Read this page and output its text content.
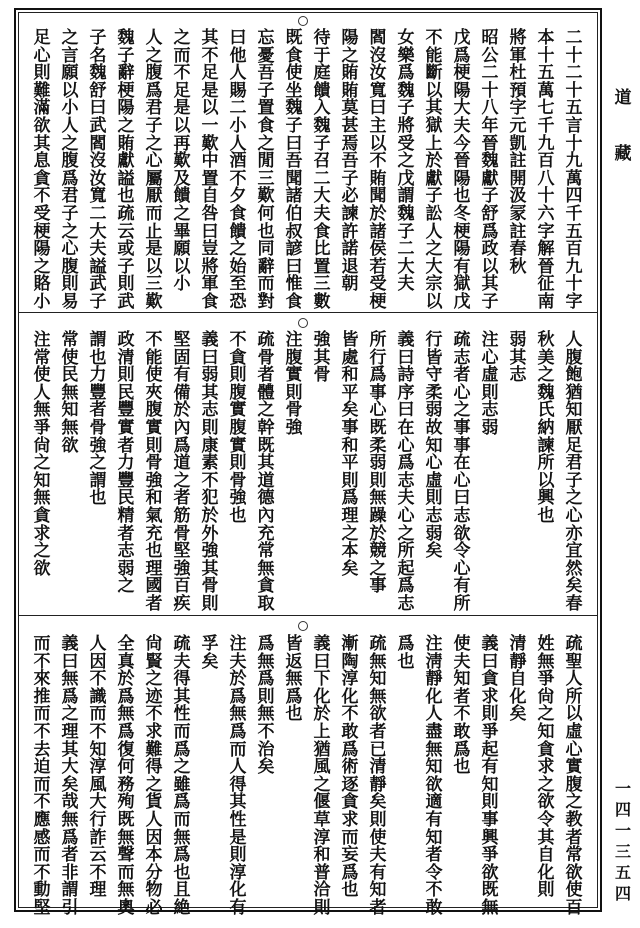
二
十
二
十
五
言
十
九
萬
四
千
五
百
九
十
字
本
十
五
萬
七
千
九
百
八
十
六
字
解
晉
征
南
將
軍
杜
預
字
元
凱
註
開
汲
冡
註
春
秋
昭
公
二
十
八
年
晉
魏
獻
子
舒
爲
政
以
其
子
戊
爲
梗
陽
大
夫
今
晉
陽
也
冬
梗
陽
有
獄
戊
不
能
斷
以
其
獄
上
於
獻
子
訟
人
之
大
宗
以
女
樂
爲
魏
子
將
受
之
戊
謂
魏
子
二
大
夫
閻
沒
汝
寬
曰
主
以
不
賄
聞
於
諸
侯
若
受
梗
陽
之
賄
賄
莫
甚
焉
吾
子
必
諫
許
諾
退
朝
待
于
庭
饋
入
魏
子
召
二
大
夫
食
比
置
三
數
既
食
使
坐
魏
子
曰
吾
聞
諸
伯
叔
諺
曰
惟
食
忘
憂
吾
子
置
食
之
閒
三
歎
何
也
同
辭
而
對
曰
他
人
賜
二
小
人
酒
不
夕
食
饋
之
始
至
恐
其
不
足
是
以
一
歎
中
置
自
咎
曰
豈
將
軍
食
之
而
不
足
是
以
再
歎
及
饋
之
畢
願
以
小
人
之
腹
爲
君
子
之
心
屬
厭
而
止
是
以
三
歎
魏
子
辭
梗
陽
之
賄
獻
謚
也
疏
云
或
子
則
武
子
名
魏
舒
曰
武
閻
沒
汝
寬
二
大
夫
謚
武
子
之
言
願
以
小
人
之
腹
爲
君
子
之
心
腹
則
易
足
心
則
難
滿
欲
其
息
貪
不
受
梗
陽
之
賂
小
人
腹
飽
猶
知
厭
足
君
子
之
心
亦
宜
然
矣
春
秋
美
之
魏
氏
納
諫
所
以
興
也
弱
其
志
注
心
虛
則
志
弱
疏
志
者
心
之
事
事
在
心
曰
志
欲
令
心
有
所
行
皆
守
柔
弱
故
知
心
虛
則
志
弱
矣
義
曰
詩
序
曰
在
心
爲
志
夫
心
之
所
起
爲
志
所
行
爲
事
心
既
柔
弱
則
無
躁
於
競
之
事
皆
處
和
平
矣
事
和
平
則
爲
理
之
本
矣
強
其
骨
注
腹
實
則
骨
強
疏
骨
者
體
之
幹
既
其
道
德
內
充
常
無
貪
取
不
貪
則
腹
實
腹
實
則
骨
強
也
義
曰
弱
其
志
則
康
素
不
犯
於
外
強
其
骨
則
堅
固
有
備
於
內
爲
道
之
者
筋
骨
堅
強
百
疾
不
能
使
夾
腹
實
則
骨
強
和
氣
充
也
理
國
者
政
清
則
民
豐
實
者
力
豐
民
精
者
志
弱
之
謂
也
力
豐
者
骨
強
之
謂
也
常
使
民
無
知
無
欲
注
常
使
人
無
爭
尙
之
知
無
貪
求
之
欲
疏
聖
人
所
以
虛
心
實
腹
之
教
者
常
欲
使
百
姓
無
爭
尙
之
知
貪
求
之
欲
令
其
自
化
則
清
靜
自
化
矣
義
曰
貪
求
則
爭
起
有
知
則
事
興
爭
欲
既
無
使
夫
知
者
不
敢
爲
也
注
淸
靜
化
人
盡
無
知
欲
適
有
知
者
令
不
敢
爲
也
疏
無
知
無
欲
者
已
清
靜
矣
則
使
夫
有
知
者
漸
陶
淳
化
不
敢
爲
術
逐
貪
求
而
妄
爲
也
義
曰
下
化
於
上
猶
風
之
偃
草
淳
和
普
洽
則
皆
返
無
爲
也
爲
無
爲
則
無
不
治
矣
注
夫
於
爲
無
爲
而
人
得
其
性
是
則
淳
化
有
孚
矣
疏
夫
得
其
性
而
爲
之
雖
爲
而
無
爲
也
且
絶
尙
賢
之
迹
不
求
難
得
之
貨
人
因
本
分
物
必
全
真
於
爲
無
爲
復
何
務
殉
既
無
聲
而
無
奧
人
因
不
識
而
不
知
淳
風
大
行
詐
云
不
理
義
曰
無
爲
之
理
其
大
矣
哉
無
爲
者
非
謂
引
而
不
來
推
而
不
去
迫
而
不
應
感
而
不
動
堅
道
藏
一
四
一
三
五
四
